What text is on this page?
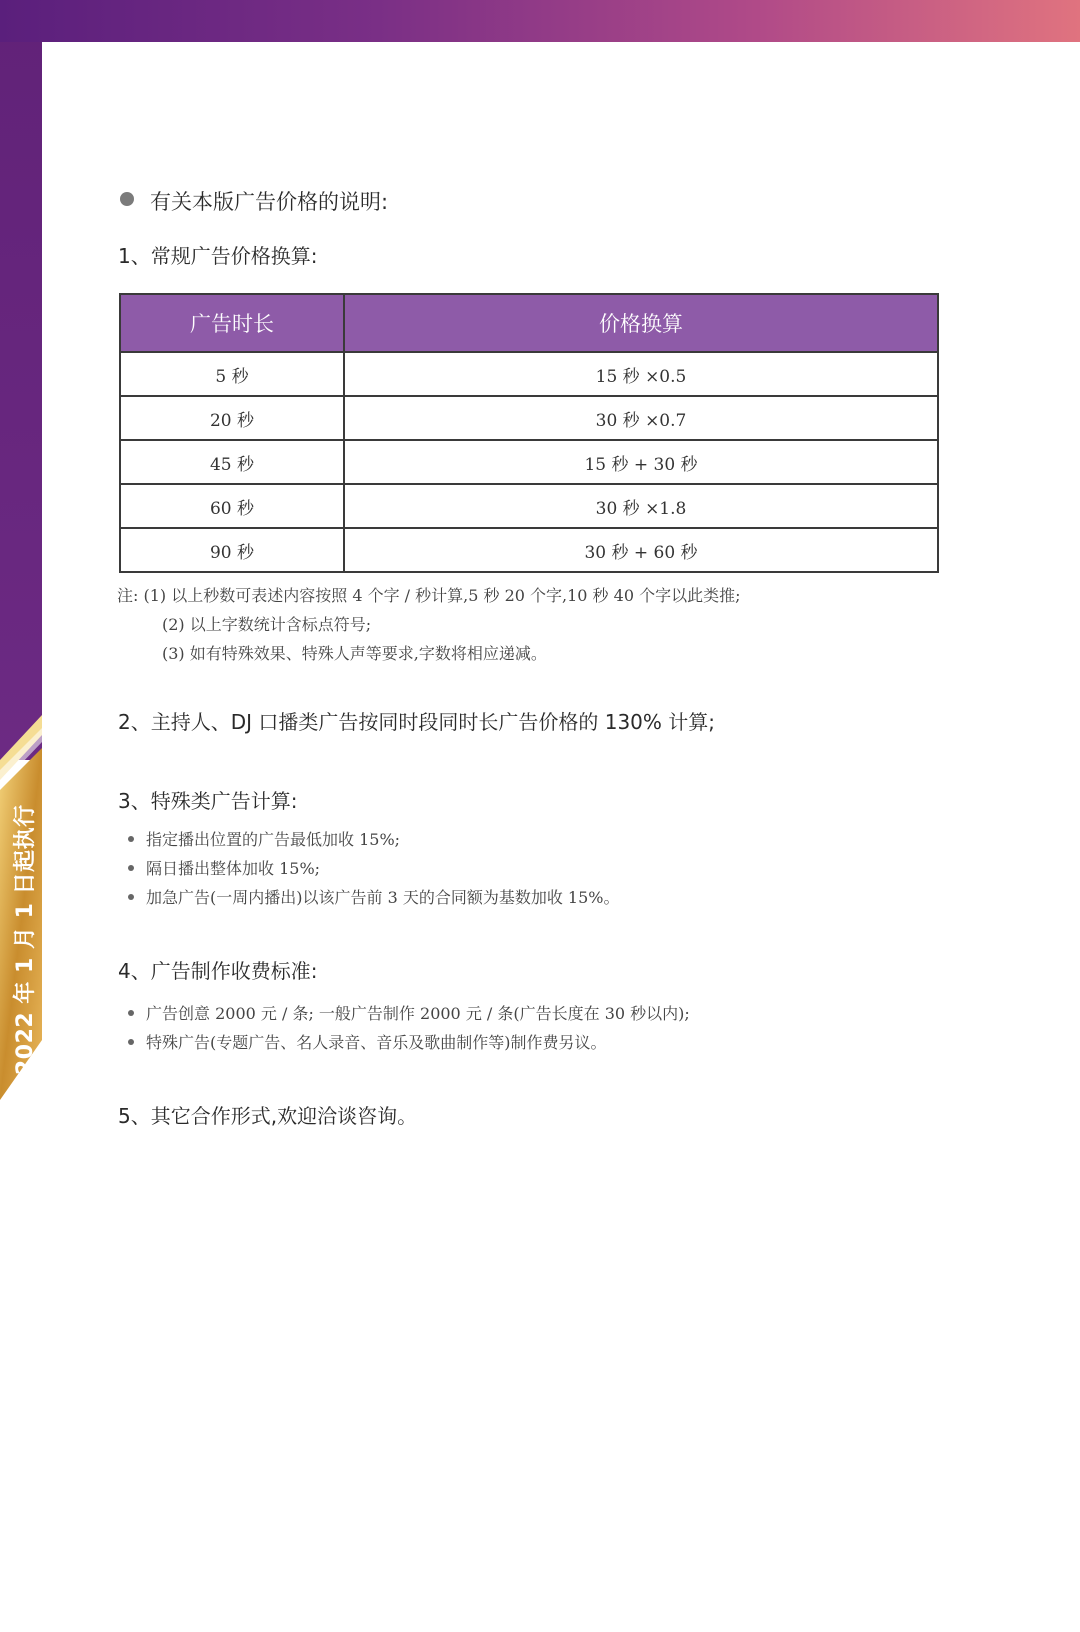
2022 年 1 月 1 日起执行
有关本版广告价格的说明:
1、常规广告价格换算:
广告时长	价格换算
5 秒	15 秒 ×0.5
20 秒	30 秒 ×0.7
45 秒	15 秒 + 30 秒
60 秒	30 秒 ×1.8
90 秒	30 秒 + 60 秒
注: (1) 以上秒数可表述内容按照 4 个字 / 秒计算,5 秒 20 个字,10 秒 40 个字以此类推;
(2) 以上字数统计含标点符号;
(3) 如有特殊效果、特殊人声等要求,字数将相应递减。
2、主持人、DJ 口播类广告按同时段同时长广告价格的 130% 计算;
3、特殊类广告计算:
指定播出位置的广告最低加收 15%;
隔日播出整体加收 15%;
加急广告(一周内播出)以该广告前 3 天的合同额为基数加收 15%。
4、广告制作收费标准:
广告创意 2000 元 / 条; 一般广告制作 2000 元 / 条(广告长度在 30 秒以内);
特殊广告(专题广告、名人录音、音乐及歌曲制作等)制作费另议。
5、其它合作形式,欢迎洽谈咨询。
